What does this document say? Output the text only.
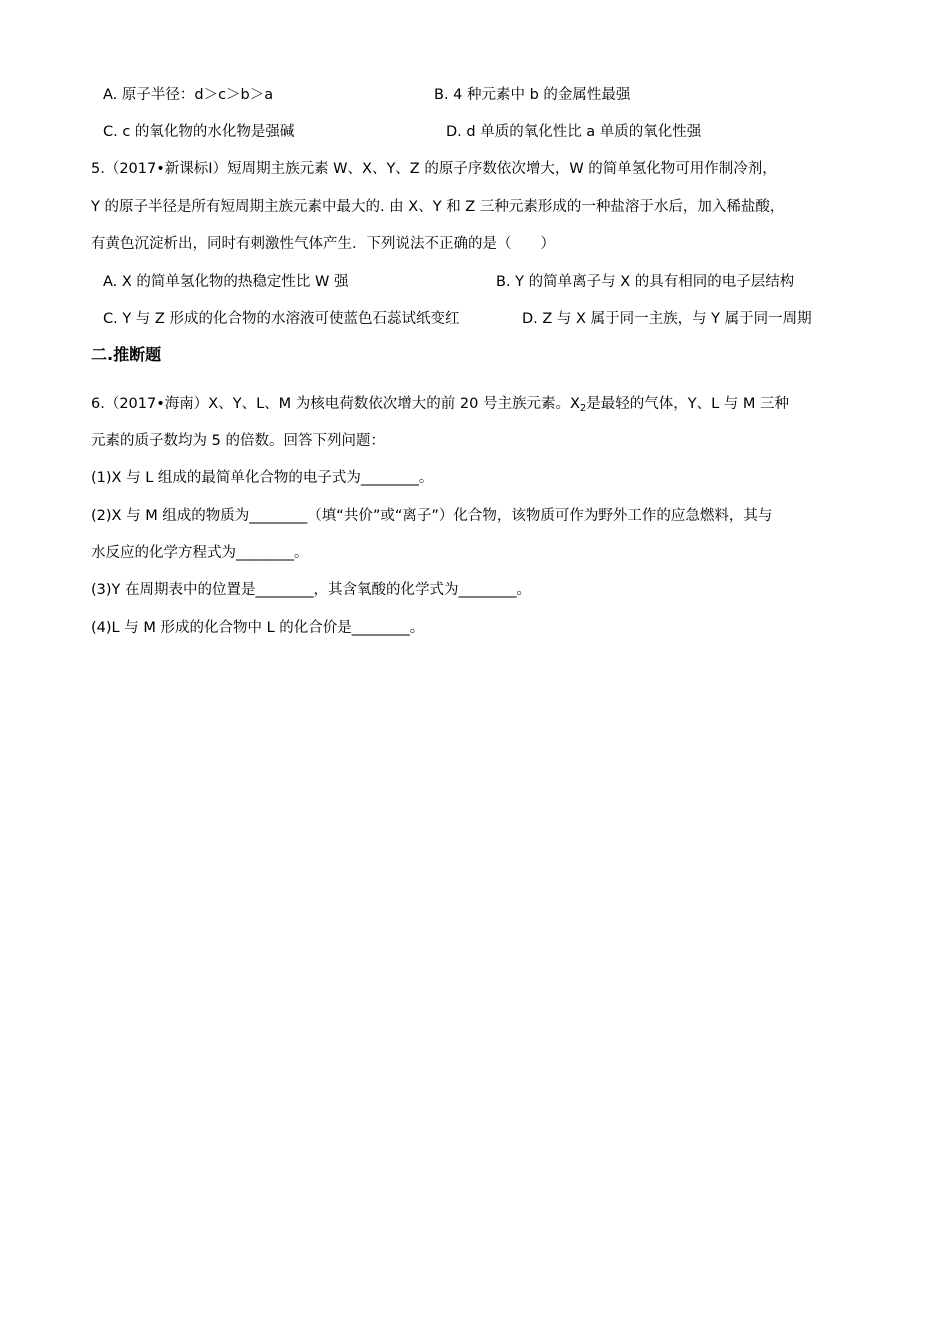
A. 原子半径：d＞c＞b＞a	B. 4 种元素中 b 的金属性最强
C. c 的氧化物的水化物是强碱	D. d 单质的氧化性比 a 单质的氧化性强
5.（2017•新课标Ⅰ）短周期主族元素 W、X、Y、Z 的原子序数依次增大，W 的简单氢化物可用作制冷剂，
Y 的原子半径是所有短周期主族元素中最大的. 由 X、Y 和 Z 三种元素形成的一种盐溶于水后，加入稀盐酸，
有黄色沉淀析出，同时有刺激性气体产生．下列说法不正确的是（　　）
A. X 的简单氢化物的热稳定性比 W 强	B. Y 的简单离子与 X 的具有相同的电子层结构
C. Y 与 Z 形成的化合物的水溶液可使蓝色石蕊试纸变红	D. Z 与 X 属于同一主族，与 Y 属于同一周期
二.推断题
6.（2017•海南）X、Y、L、M 为核电荷数依次增大的前 20 号主族元素。$X_2$是最轻的气体，Y、L 与 M 三种
元素的质子数均为 5 的倍数。回答下列问题：
(1)X 与 L 组成的最简单化合物的电子式为________。
(2)X 与 M 组成的物质为________（填“共价”或“离子”）化合物，该物质可作为野外工作的应急燃料，其与
水反应的化学方程式为________。
(3)Y 在周期表中的位置是________，其含氧酸的化学式为________。
(4)L 与 M 形成的化合物中 L 的化合价是________。
